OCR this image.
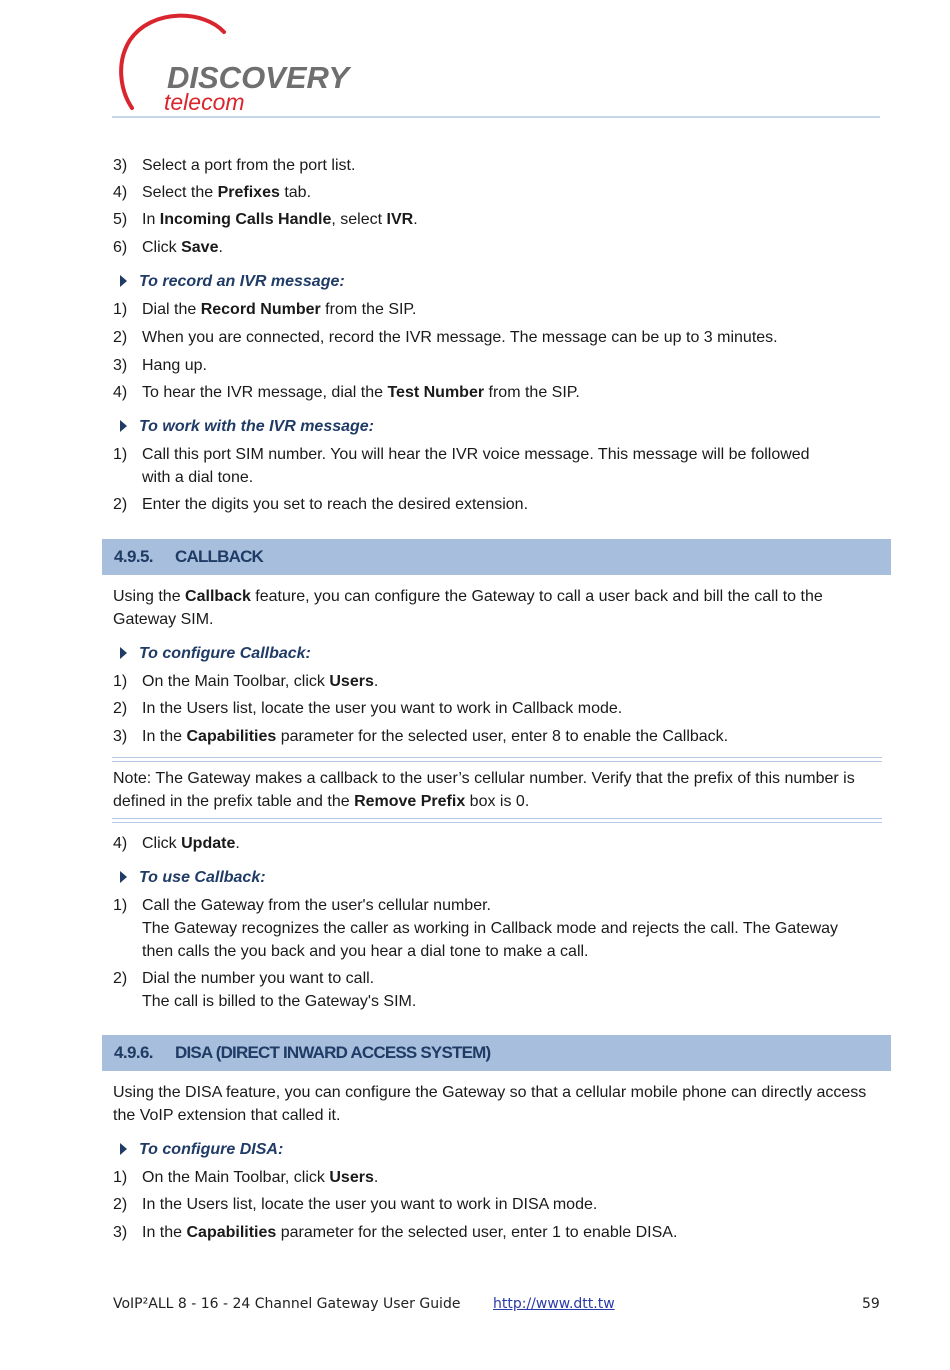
DISCOVERY
telecom
3) Select a port from the port list.
4) Select the Prefixes tab.
5) In Incoming Calls Handle, select IVR.
6) Click Save.
To record an IVR message:
1) Dial the Record Number from the SIP.
2) When you are connected, record the IVR message. The message can be up to 3 minutes.
3) Hang up.
4) To hear the IVR message, dial the Test Number from the SIP.
To work with the IVR message:
1) Call this port SIM number. You will hear the IVR voice message. This message will be followed
with a dial tone.
2) Enter the digits you set to reach the desired extension.
4.9.5. CALLBACK
Using the Callback feature, you can configure the Gateway to call a user back and bill the call to the Gateway SIM.
To configure Callback:
1) On the Main Toolbar, click Users.
2) In the Users list, locate the user you want to work in Callback mode.
3) In the Capabilities parameter for the selected user, enter 8 to enable the Callback.
Note: The Gateway makes a callback to the user’s cellular number. Verify that the prefix of this number is defined in the prefix table and the Remove Prefix box is 0.
4) Click Update.
To use Callback:
1) Call the Gateway from the user's cellular number.
The Gateway recognizes the caller as working in Callback mode and rejects the call. The Gateway
then calls the you back and you hear a dial tone to make a call.
2) Dial the number you want to call.
The call is billed to the Gateway's SIM.
4.9.6. DISA (DIRECT INWARD ACCESS SYSTEM)
Using the DISA feature, you can configure the Gateway so that a cellular mobile phone can directly access the VoIP extension that called it.
To configure DISA:
1) On the Main Toolbar, click Users.
2) In the Users list, locate the user you want to work in DISA mode.
3) In the Capabilities parameter for the selected user, enter 1 to enable DISA.
VoIP²ALL 8 - 16 - 24 Channel Gateway User Guide http://www.dtt.tw	59
